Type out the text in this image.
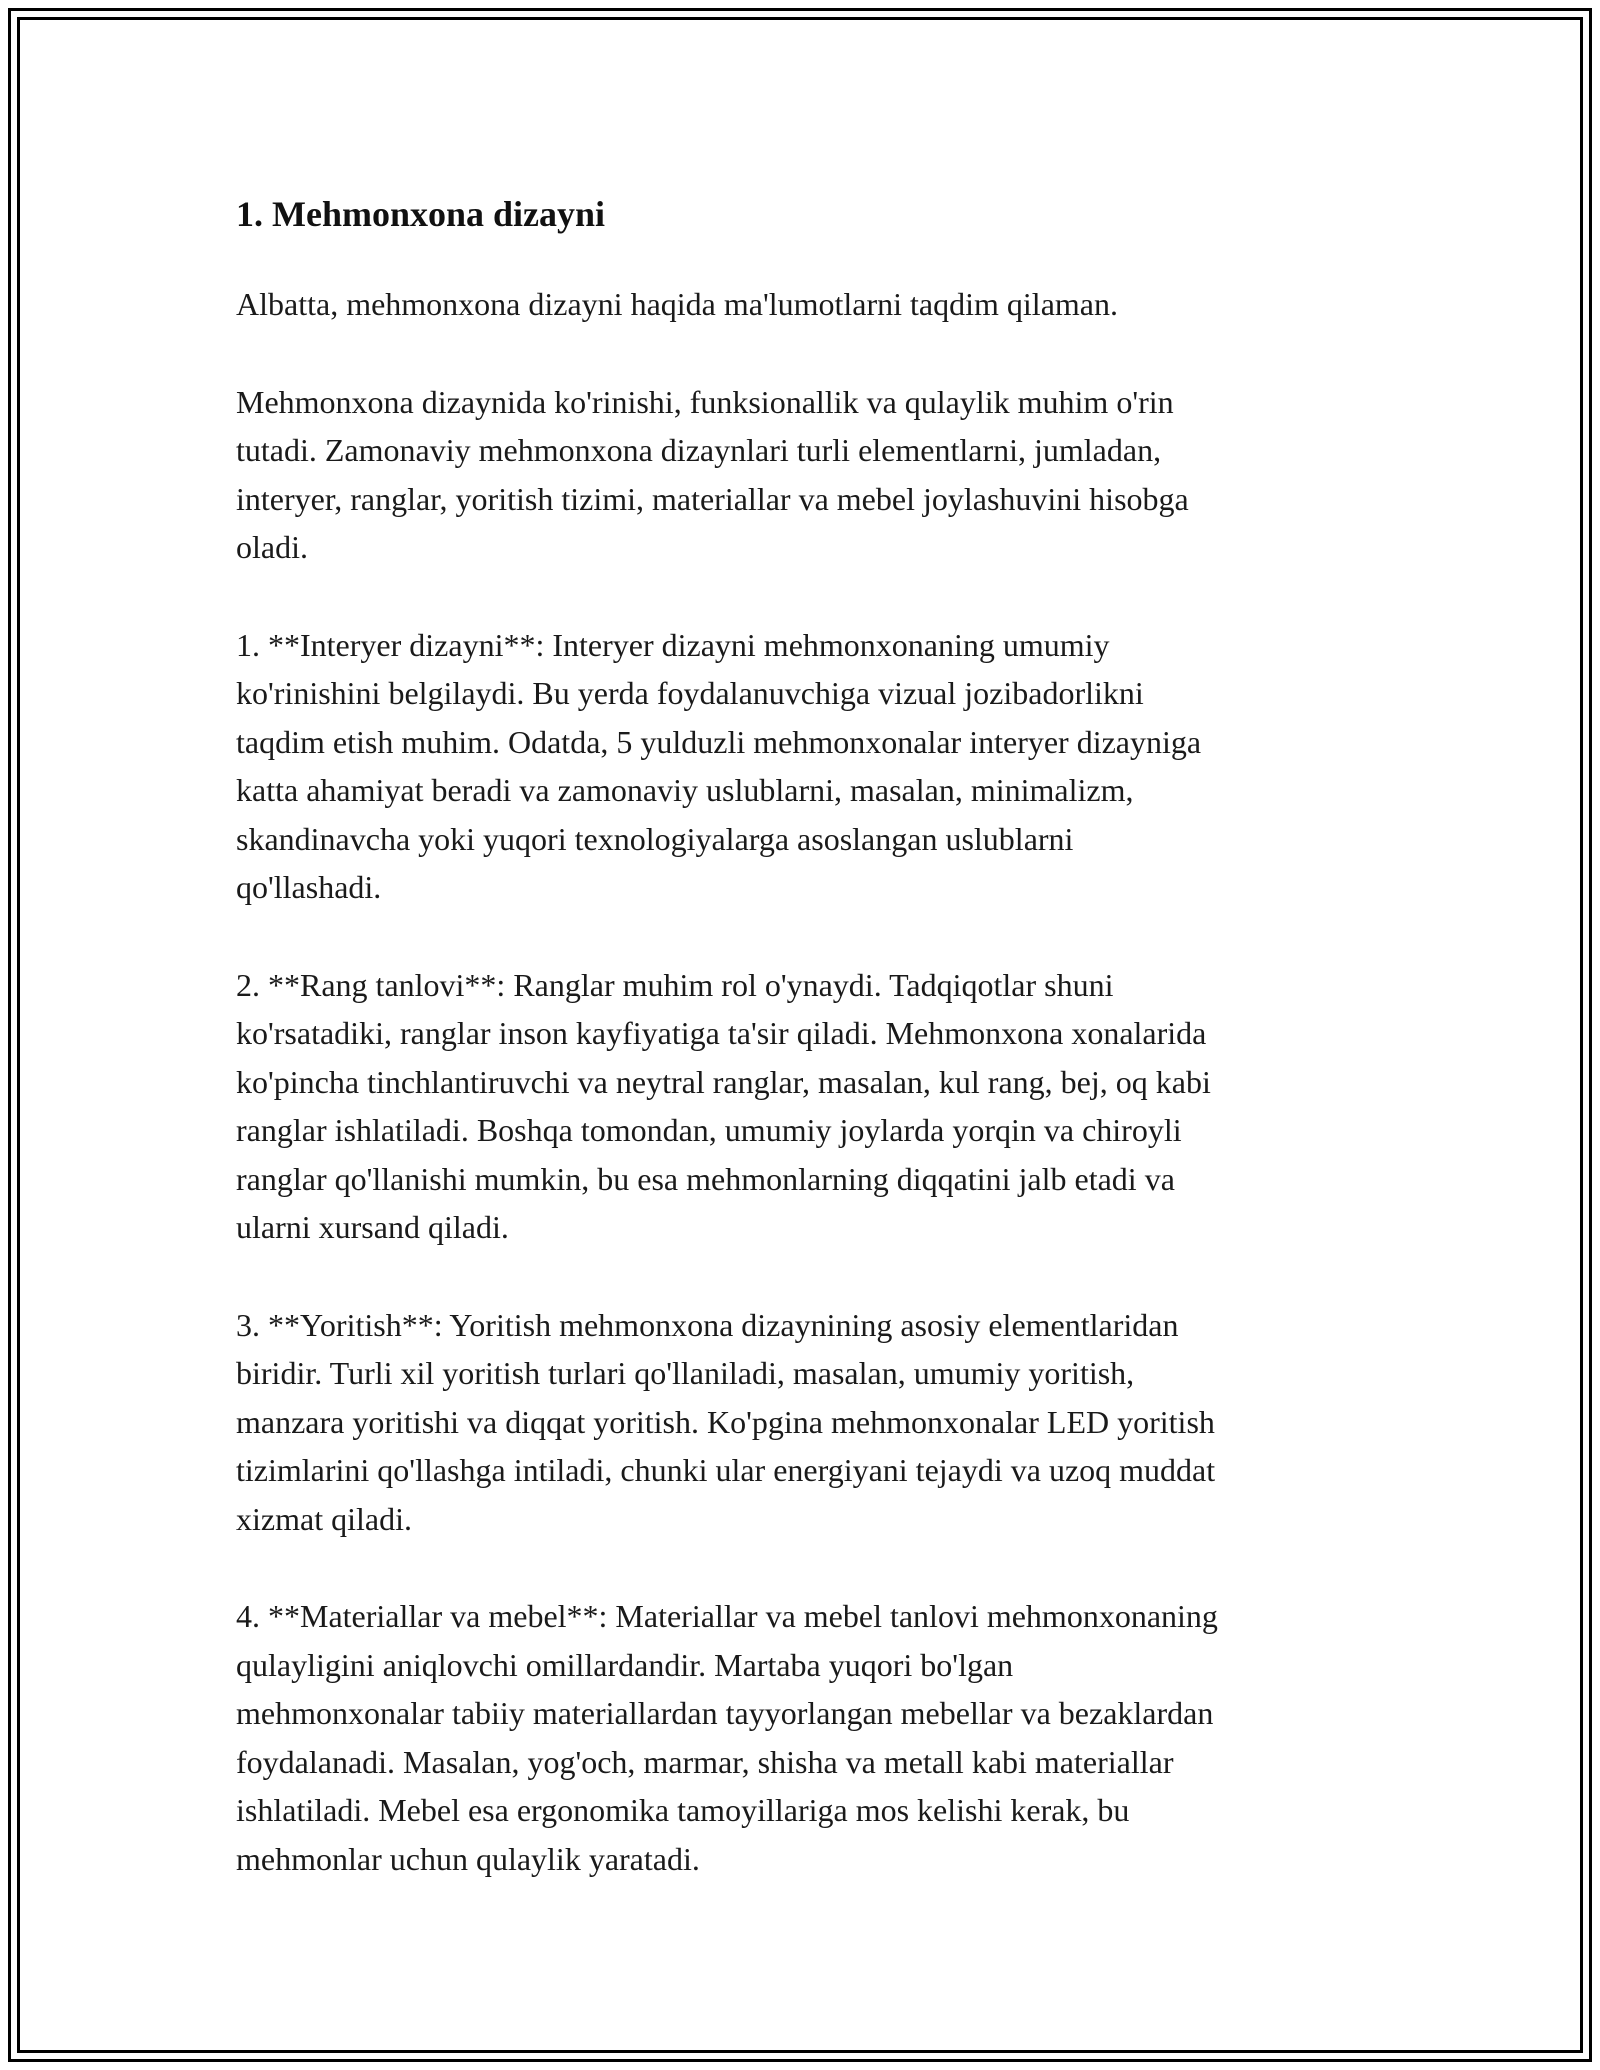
1. Mehmonxona dizayni

Albatta, mehmonxona dizayni haqida ma'lumotlarni taqdim qilaman.

Mehmonxona dizaynida ko'rinishi, funksionallik va qulaylik muhim o'rin
tutadi. Zamonaviy mehmonxona dizaynlari turli elementlarni, jumladan,
interyer, ranglar, yoritish tizimi, materiallar va mebel joylashuvini hisobga
oladi.

1. **Interyer dizayni**: Interyer dizayni mehmonxonaning umumiy
ko'rinishini belgilaydi. Bu yerda foydalanuvchiga vizual jozibadorlikni
taqdim etish muhim. Odatda, 5 yulduzli mehmonxonalar interyer dizayniga
katta ahamiyat beradi va zamonaviy uslublarni, masalan, minimalizm,
skandinavcha yoki yuqori texnologiyalarga asoslangan uslublarni
qo'llashadi.

2. **Rang tanlovi**: Ranglar muhim rol o'ynaydi. Tadqiqotlar shuni
ko'rsatadiki, ranglar inson kayfiyatiga ta'sir qiladi. Mehmonxona xonalarida
ko'pincha tinchlantiruvchi va neytral ranglar, masalan, kul rang, bej, oq kabi
ranglar ishlatiladi. Boshqa tomondan, umumiy joylarda yorqin va chiroyli
ranglar qo'llanishi mumkin, bu esa mehmonlarning diqqatini jalb etadi va
ularni xursand qiladi.

3. **Yoritish**: Yoritish mehmonxona dizaynining asosiy elementlaridan
biridir. Turli xil yoritish turlari qo'llaniladi, masalan, umumiy yoritish,
manzara yoritishi va diqqat yoritish. Ko'pgina mehmonxonalar LED yoritish
tizimlarini qo'llashga intiladi, chunki ular energiyani tejaydi va uzoq muddat
xizmat qiladi.

4. **Materiallar va mebel**: Materiallar va mebel tanlovi mehmonxonaning
qulayligini aniqlovchi omillardandir. Martaba yuqori bo'lgan
mehmonxonalar tabiiy materiallardan tayyorlangan mebellar va bezaklardan
foydalanadi. Masalan, yog'och, marmar, shisha va metall kabi materiallar
ishlatiladi. Mebel esa ergonomika tamoyillariga mos kelishi kerak, bu
mehmonlar uchun qulaylik yaratadi.
